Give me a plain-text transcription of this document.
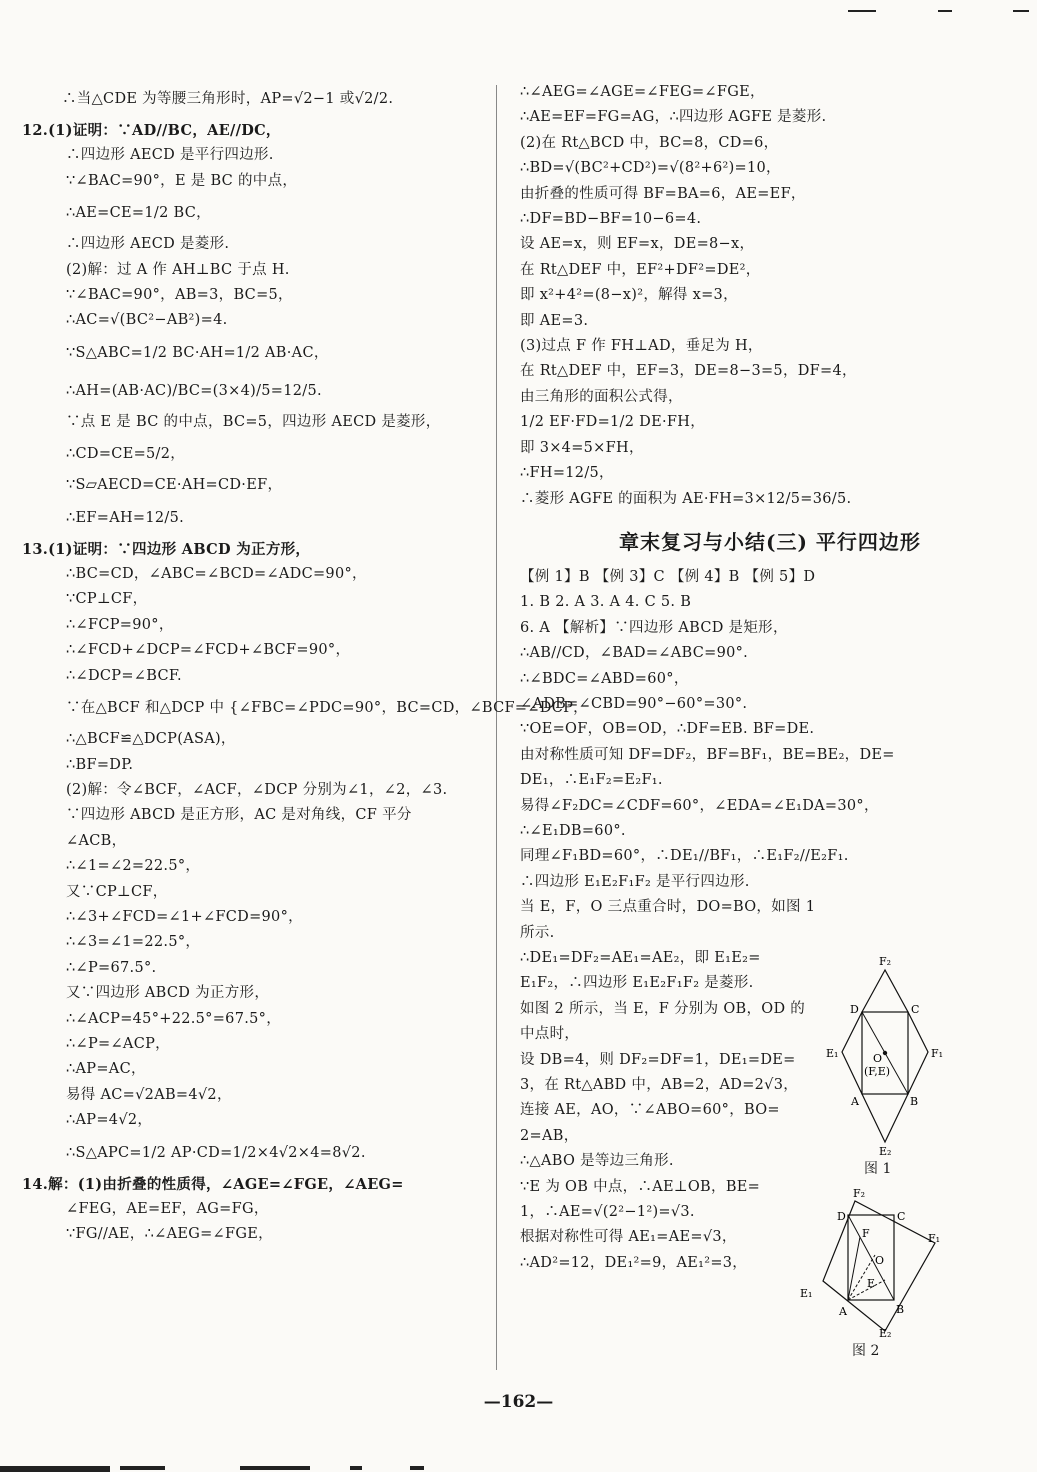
∴当△CDE 为等腰三角形时，AP=√2−1 或√2/2.
12.(1)证明：∵AD//BC，AE//DC，
∴四边形 AECD 是平行四边形.
∵∠BAC=90°，E 是 BC 的中点，
∴AE=CE=1/2 BC，
∴四边形 AECD 是菱形.
(2)解：过 A 作 AH⊥BC 于点 H.
∵∠BAC=90°，AB=3，BC=5，
∴AC=√(BC²−AB²)=4.
∵S△ABC=1/2 BC·AH=1/2 AB·AC，
∴AH=(AB·AC)/BC=(3×4)/5=12/5.
∵点 E 是 BC 的中点，BC=5，四边形 AECD 是菱形，
∴CD=CE=5/2，
∵S▱AECD=CE·AH=CD·EF，
∴EF=AH=12/5.
13.(1)证明：∵四边形 ABCD 为正方形，
∴BC=CD，∠ABC=∠BCD=∠ADC=90°，
∵CP⊥CF，
∴∠FCP=90°，
∴∠FCD+∠DCP=∠FCD+∠BCF=90°，
∴∠DCP=∠BCF.
∵在△BCF 和△DCP 中 {∠FBC=∠PDC=90°，BC=CD，∠BCF=∠DCP，
∴△BCF≌△DCP(ASA)，
∴BF=DP.
(2)解：令∠BCF，∠ACF，∠DCP 分别为∠1，∠2，∠3.
∵四边形 ABCD 是正方形，AC 是对角线，CF 平分
∠ACB，
∴∠1=∠2=22.5°，
又∵CP⊥CF，
∴∠3+∠FCD=∠1+∠FCD=90°，
∴∠3=∠1=22.5°，
∴∠P=67.5°.
又∵四边形 ABCD 为正方形，
∴∠ACP=45°+22.5°=67.5°，
∴∠P=∠ACP，
∴AP=AC，
易得 AC=√2AB=4√2，
∴AP=4√2，
∴S△APC=1/2 AP·CD=1/2×4√2×4=8√2.
14.解：(1)由折叠的性质得，∠AGE=∠FGE，∠AEG=
∠FEG，AE=EF，AG=FG，
∵FG//AE，∴∠AEG=∠FGE，
∴∠AEG=∠AGE=∠FEG=∠FGE，
∴AE=EF=FG=AG，∴四边形 AGFE 是菱形.
(2)在 Rt△BCD 中，BC=8，CD=6，
∴BD=√(BC²+CD²)=√(8²+6²)=10，
由折叠的性质可得 BF=BA=6，AE=EF，
∴DF=BD−BF=10−6=4.
设 AE=x，则 EF=x，DE=8−x，
在 Rt△DEF 中，EF²+DF²=DE²，
即 x²+4²=(8−x)²，解得 x=3，
即 AE=3.
(3)过点 F 作 FH⊥AD，垂足为 H，
在 Rt△DEF 中，EF=3，DE=8−3=5，DF=4，
由三角形的面积公式得，
1/2 EF·FD=1/2 DE·FH，
即 3×4=5×FH，
∴FH=12/5，
∴菱形 AGFE 的面积为 AE·FH=3×12/5=36/5.
章末复习与小结(三) 平行四边形
【例 1】B 【例 3】C 【例 4】B 【例 5】D
1. B 2. A 3. A 4. C 5. B
6. A 【解析】∵四边形 ABCD 是矩形，
∴AB//CD，∠BAD=∠ABC=90°.
∴∠BDC=∠ABD=60°，
∠ADB=∠CBD=90°−60°=30°.
∵OE=OF，OB=OD，∴DF=EB. BF=DE.
由对称性质可知 DF=DF₂，BF=BF₁，BE=BE₂，DE=
DE₁，∴E₁F₂=E₂F₁.
易得∠F₂DC=∠CDF=60°，∠EDA=∠E₁DA=30°，
∴∠E₁DB=60°.
同理∠F₁BD=60°，∴DE₁//BF₁，∴E₁F₂//E₂F₁.
∴四边形 E₁E₂F₁F₂ 是平行四边形.
当 E，F，O 三点重合时，DO=BO，如图 1
所示.
∴DE₁=DF₂=AE₁=AE₂，即 E₁E₂=
E₁F₂，∴四边形 E₁E₂F₁F₂ 是菱形.
如图 2 所示，当 E，F 分别为 OB，OD 的
中点时，
设 DB=4，则 DF₂=DF=1，DE₁=DE=
3，在 Rt△ABD 中，AB=2，AD=2√3，
连接 AE，AO，∵∠ABO=60°，BO=
2=AB，
∴△ABO 是等边三角形.
∵E 为 OB 中点，∴AE⊥OB，BE=
1，∴AE=√(2²−1²)=√3.
根据对称性可得 AE₁=AE=√3，
∴AD²=12，DE₁²=9，AE₁²=3，
F₂
D	C
E₁	O
(F,E)
F₁
A	B
E₂
图 1
F₂
D	C
F
O
F₁
E
E₁
A	B
E₂
图 2
—162—
